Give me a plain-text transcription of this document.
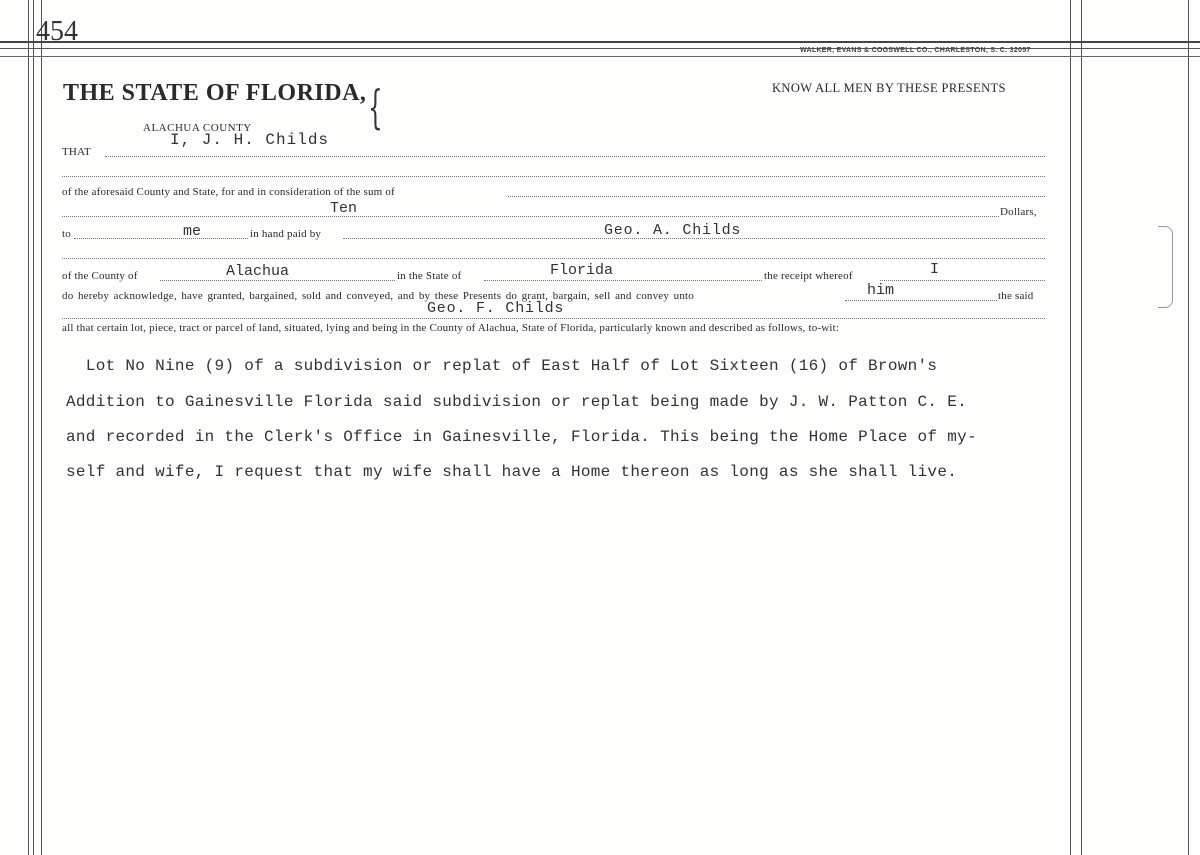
454
WALKER, EVANS & COGSWELL CO., CHARLESTON, S. C. 32057
THE STATE OF FLORIDA, {
ALACHUA COUNTY
KNOW ALL MEN BY THESE PRESENTS
THAT
I, J. H. Childs
of the aforesaid County and State, for and in consideration of the sum of
Ten	Dollars,
to	me	in hand paid by	Geo. A. Childs
of the County of	Alachua	in the State of	Florida	the receipt whereof	I
do hereby acknowledge, have granted, bargained, sold and conveyed, and by these Presents do grant, bargain, sell and convey unto	him	the said
Geo. F. Childs
all that certain lot, piece, tract or parcel of land, situated, lying and being in the County of Alachua, State of Florida, particularly known and described as follows, to-wit:
Lot No Nine (9) of a subdivision or replat of East Half of Lot Sixteen (16) of Brown's
Addition to Gainesville Florida said subdivision or replat being made by J. W. Patton C. E.
and recorded in the Clerk's Office in Gainesville, Florida. This being the Home Place of my-
self and wife, I request that my wife shall have a Home thereon as long as she shall live.
